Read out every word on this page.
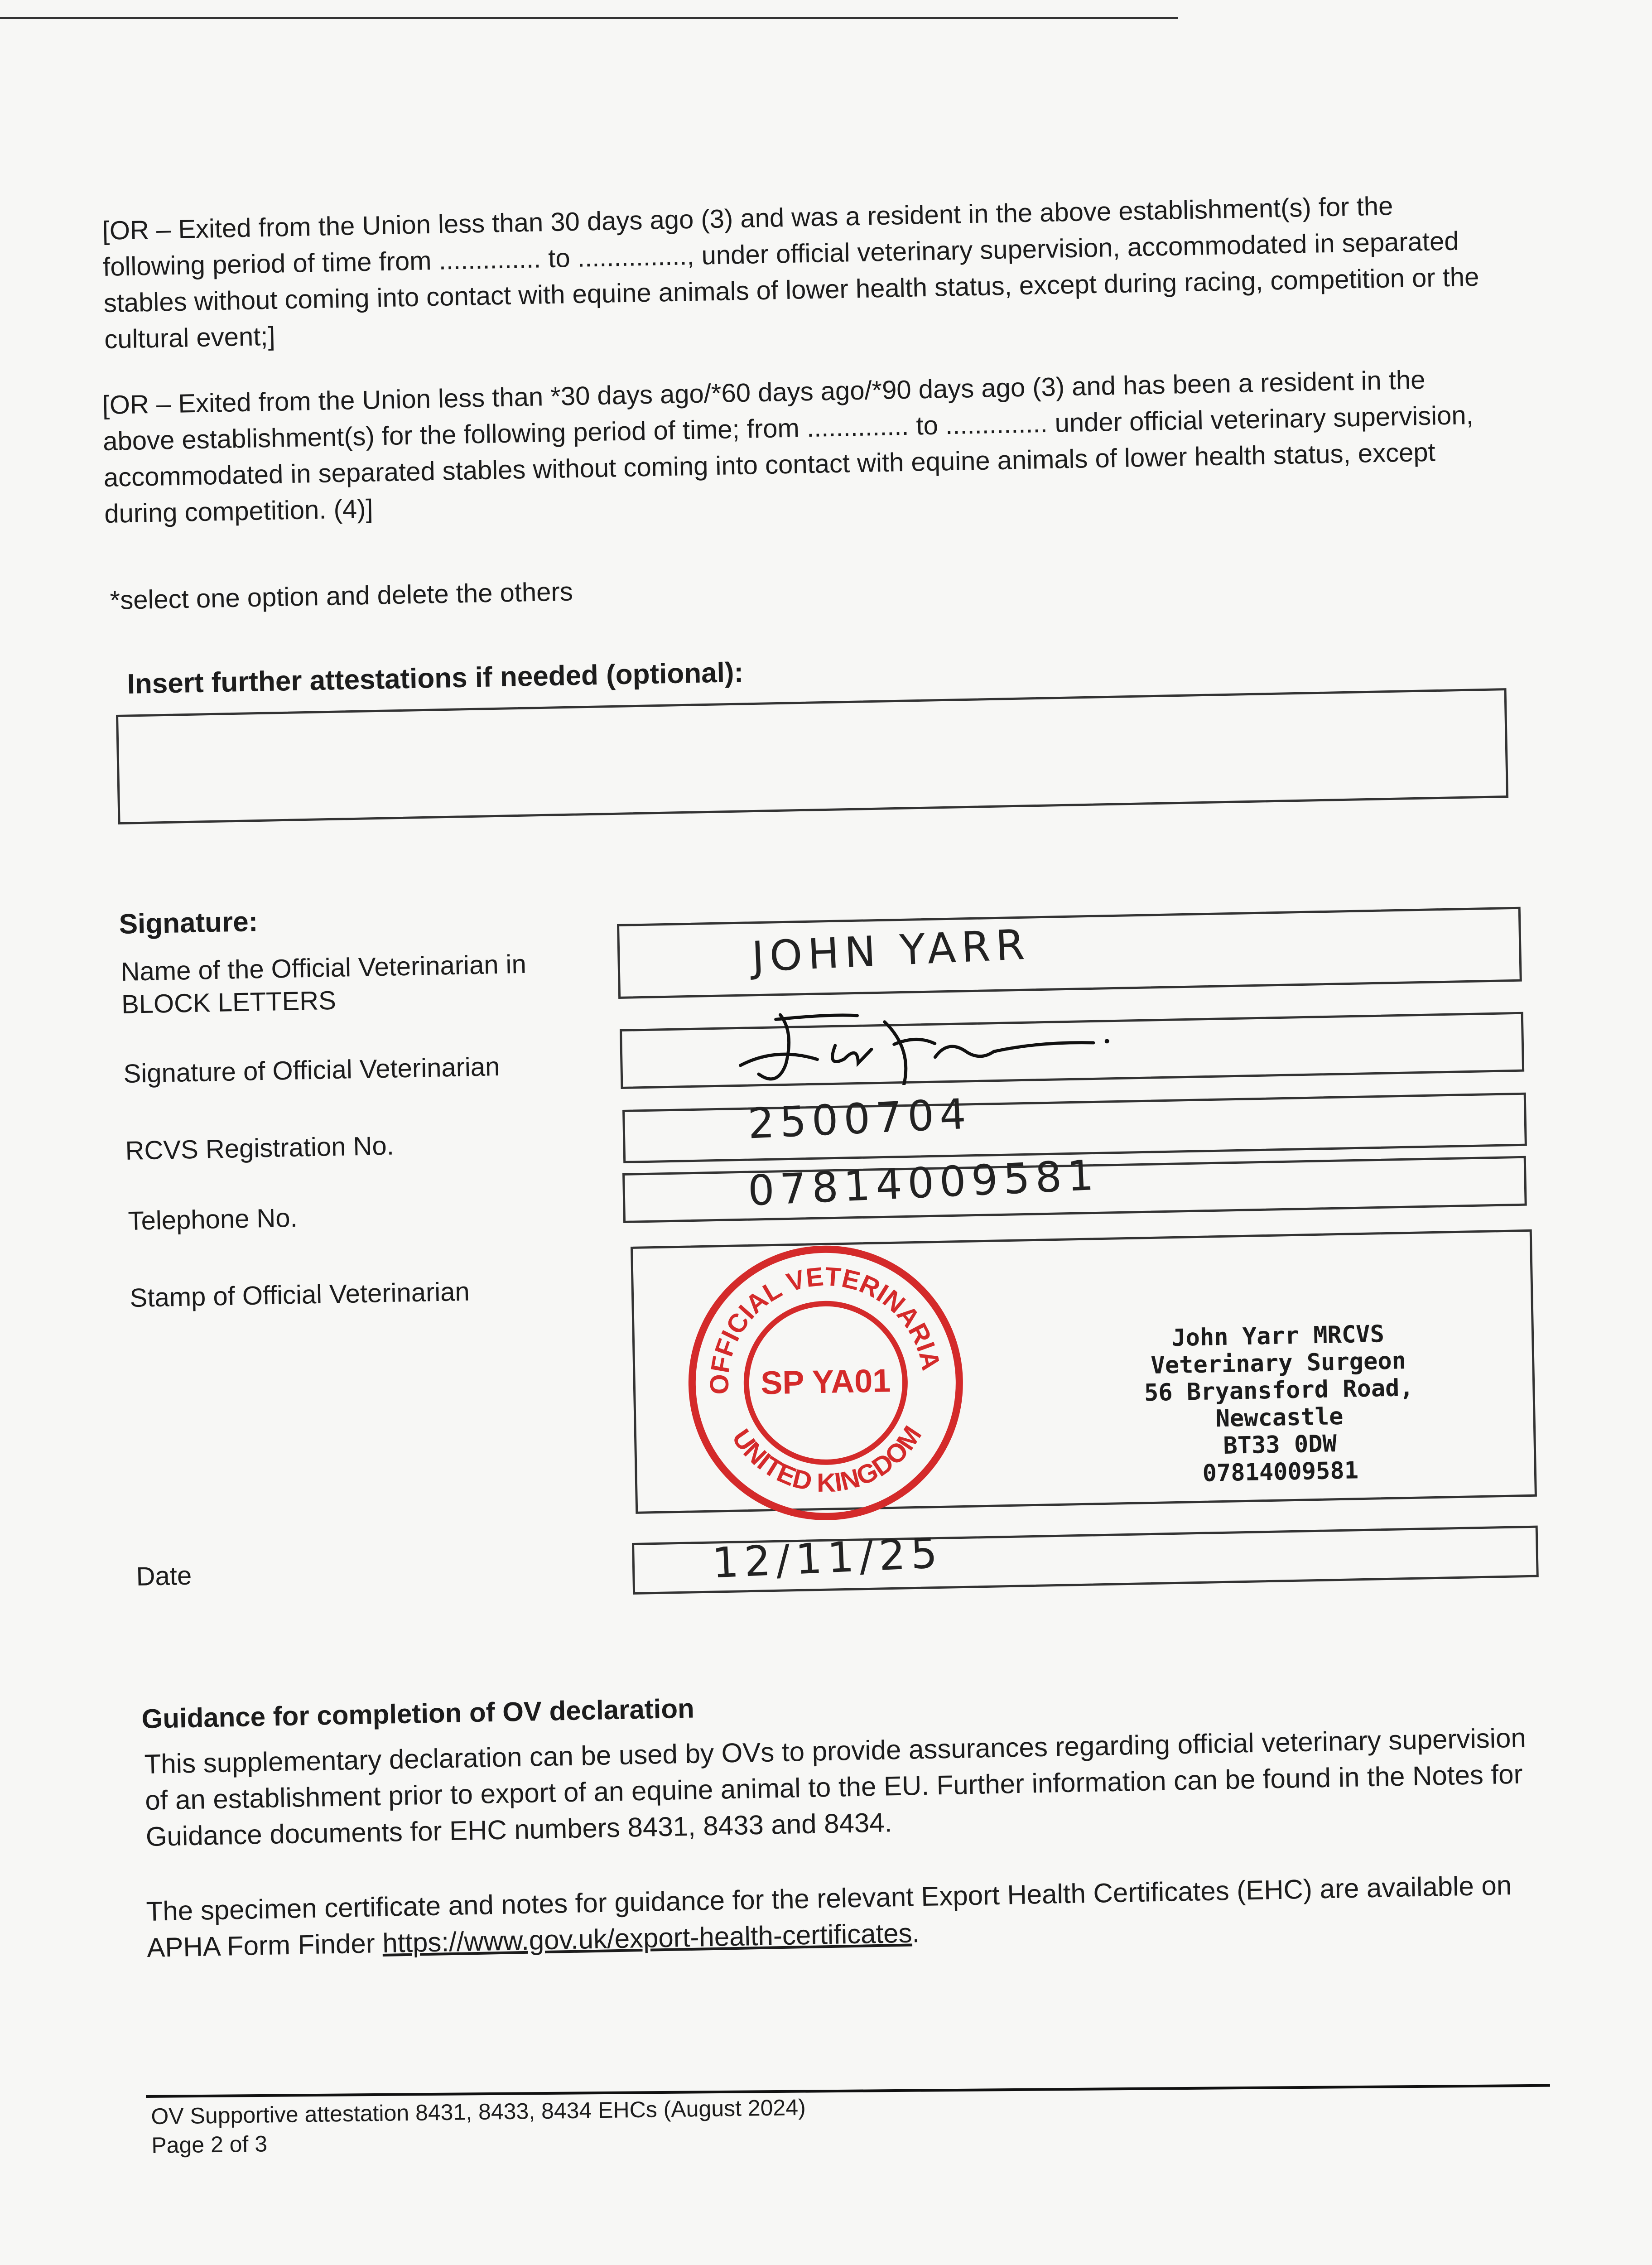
[OR – Exited from the Union less than 30 days ago (3) and was a resident in the above establishment(s) for the following period of time from .............. to ..............., under official veterinary supervision, accommodated in separated stables without coming into contact with equine animals of lower health status, except during racing, competition or the cultural event;]

[OR – Exited from the Union less than *30 days ago/*60 days ago/*90 days ago (3) and has been a resident in the above establishment(s) for the following period of time; from .............. to .............. under official veterinary supervision, accommodated in separated stables without coming into contact with equine animals of lower health status, except during competition. (4)]

*select one option and delete the others
Insert further attestations if needed (optional):
Signature:
Name of the Official Veterinarian in BLOCK LETTERS
JOHN YARR
Signature of Official Veterinarian
RCVS Registration No.
2500704
Telephone No.
07814009581
Stamp of Official Veterinarian
OFFICIAL VETERINARIAN
UNITED KINGDOM
SP YA01
John Yarr MRCVS
Veterinary Surgeon
56 Bryansford Road, Newcastle
BT33 0DW
07814009581
Date	12/11/25
Guidance for completion of OV declaration

This supplementary declaration can be used by OVs to provide assurances regarding official veterinary supervision of an establishment prior to export of an equine animal to the EU. Further information can be found in the Notes for Guidance documents for EHC numbers 8431, 8433 and 8434.

The specimen certificate and notes for guidance for the relevant Export Health Certificates (EHC) are available on APHA Form Finder https://www.gov.uk/export-health-certificates.

OV Supportive attestation 8431, 8433, 8434 EHCs (August 2024)
Page 2 of 3
